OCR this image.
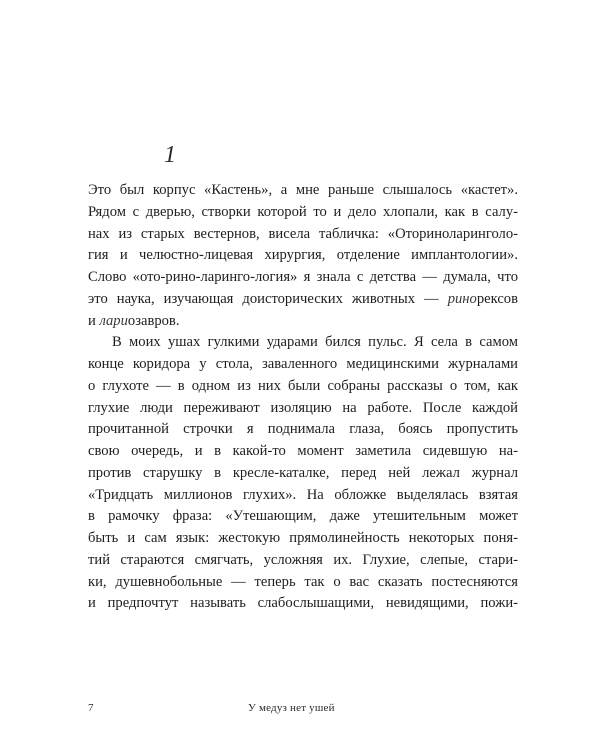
1

Это был корпус «Кастень», а мне раньше слышалось «кастет».
Рядом с дверью, створки которой то и дело хлопали, как в салу-
нах из старых вестернов, висела табличка: «Оториноларинголо-
гия и челюстно-лицевая хирургия, отделение имплантологии».
Слово «ото-рино-ларинго-логия» я знала с детства — думала, что
это наука, изучающая доисторических животных — ринорексов
и лариозавров.

В моих ушах гулкими ударами бился пульс. Я села в самом
конце коридора у стола, заваленного медицинскими журналами
о глухоте — в одном из них были собраны рассказы о том, как
глухие люди переживают изоляцию на работе. После каждой
прочитанной строчки я поднимала глаза, боясь пропустить
свою очередь, и в какой-то момент заметила сидевшую на-
против старушку в кресле-каталке, перед ней лежал журнал
«Тридцать миллионов глухих». На обложке выделялась взятая
в рамочку фраза: «Утешающим, даже утешительным может
быть и сам язык: жестокую прямолинейность некоторых поня-
тий стараются смягчать, усложняя их. Глухие, слепые, стари-
ки, душевнобольные — теперь так о вас сказать постесняются
и предпочтут называть слабослышащими, невидящими, пожи-

7	У медуз нет ушей
